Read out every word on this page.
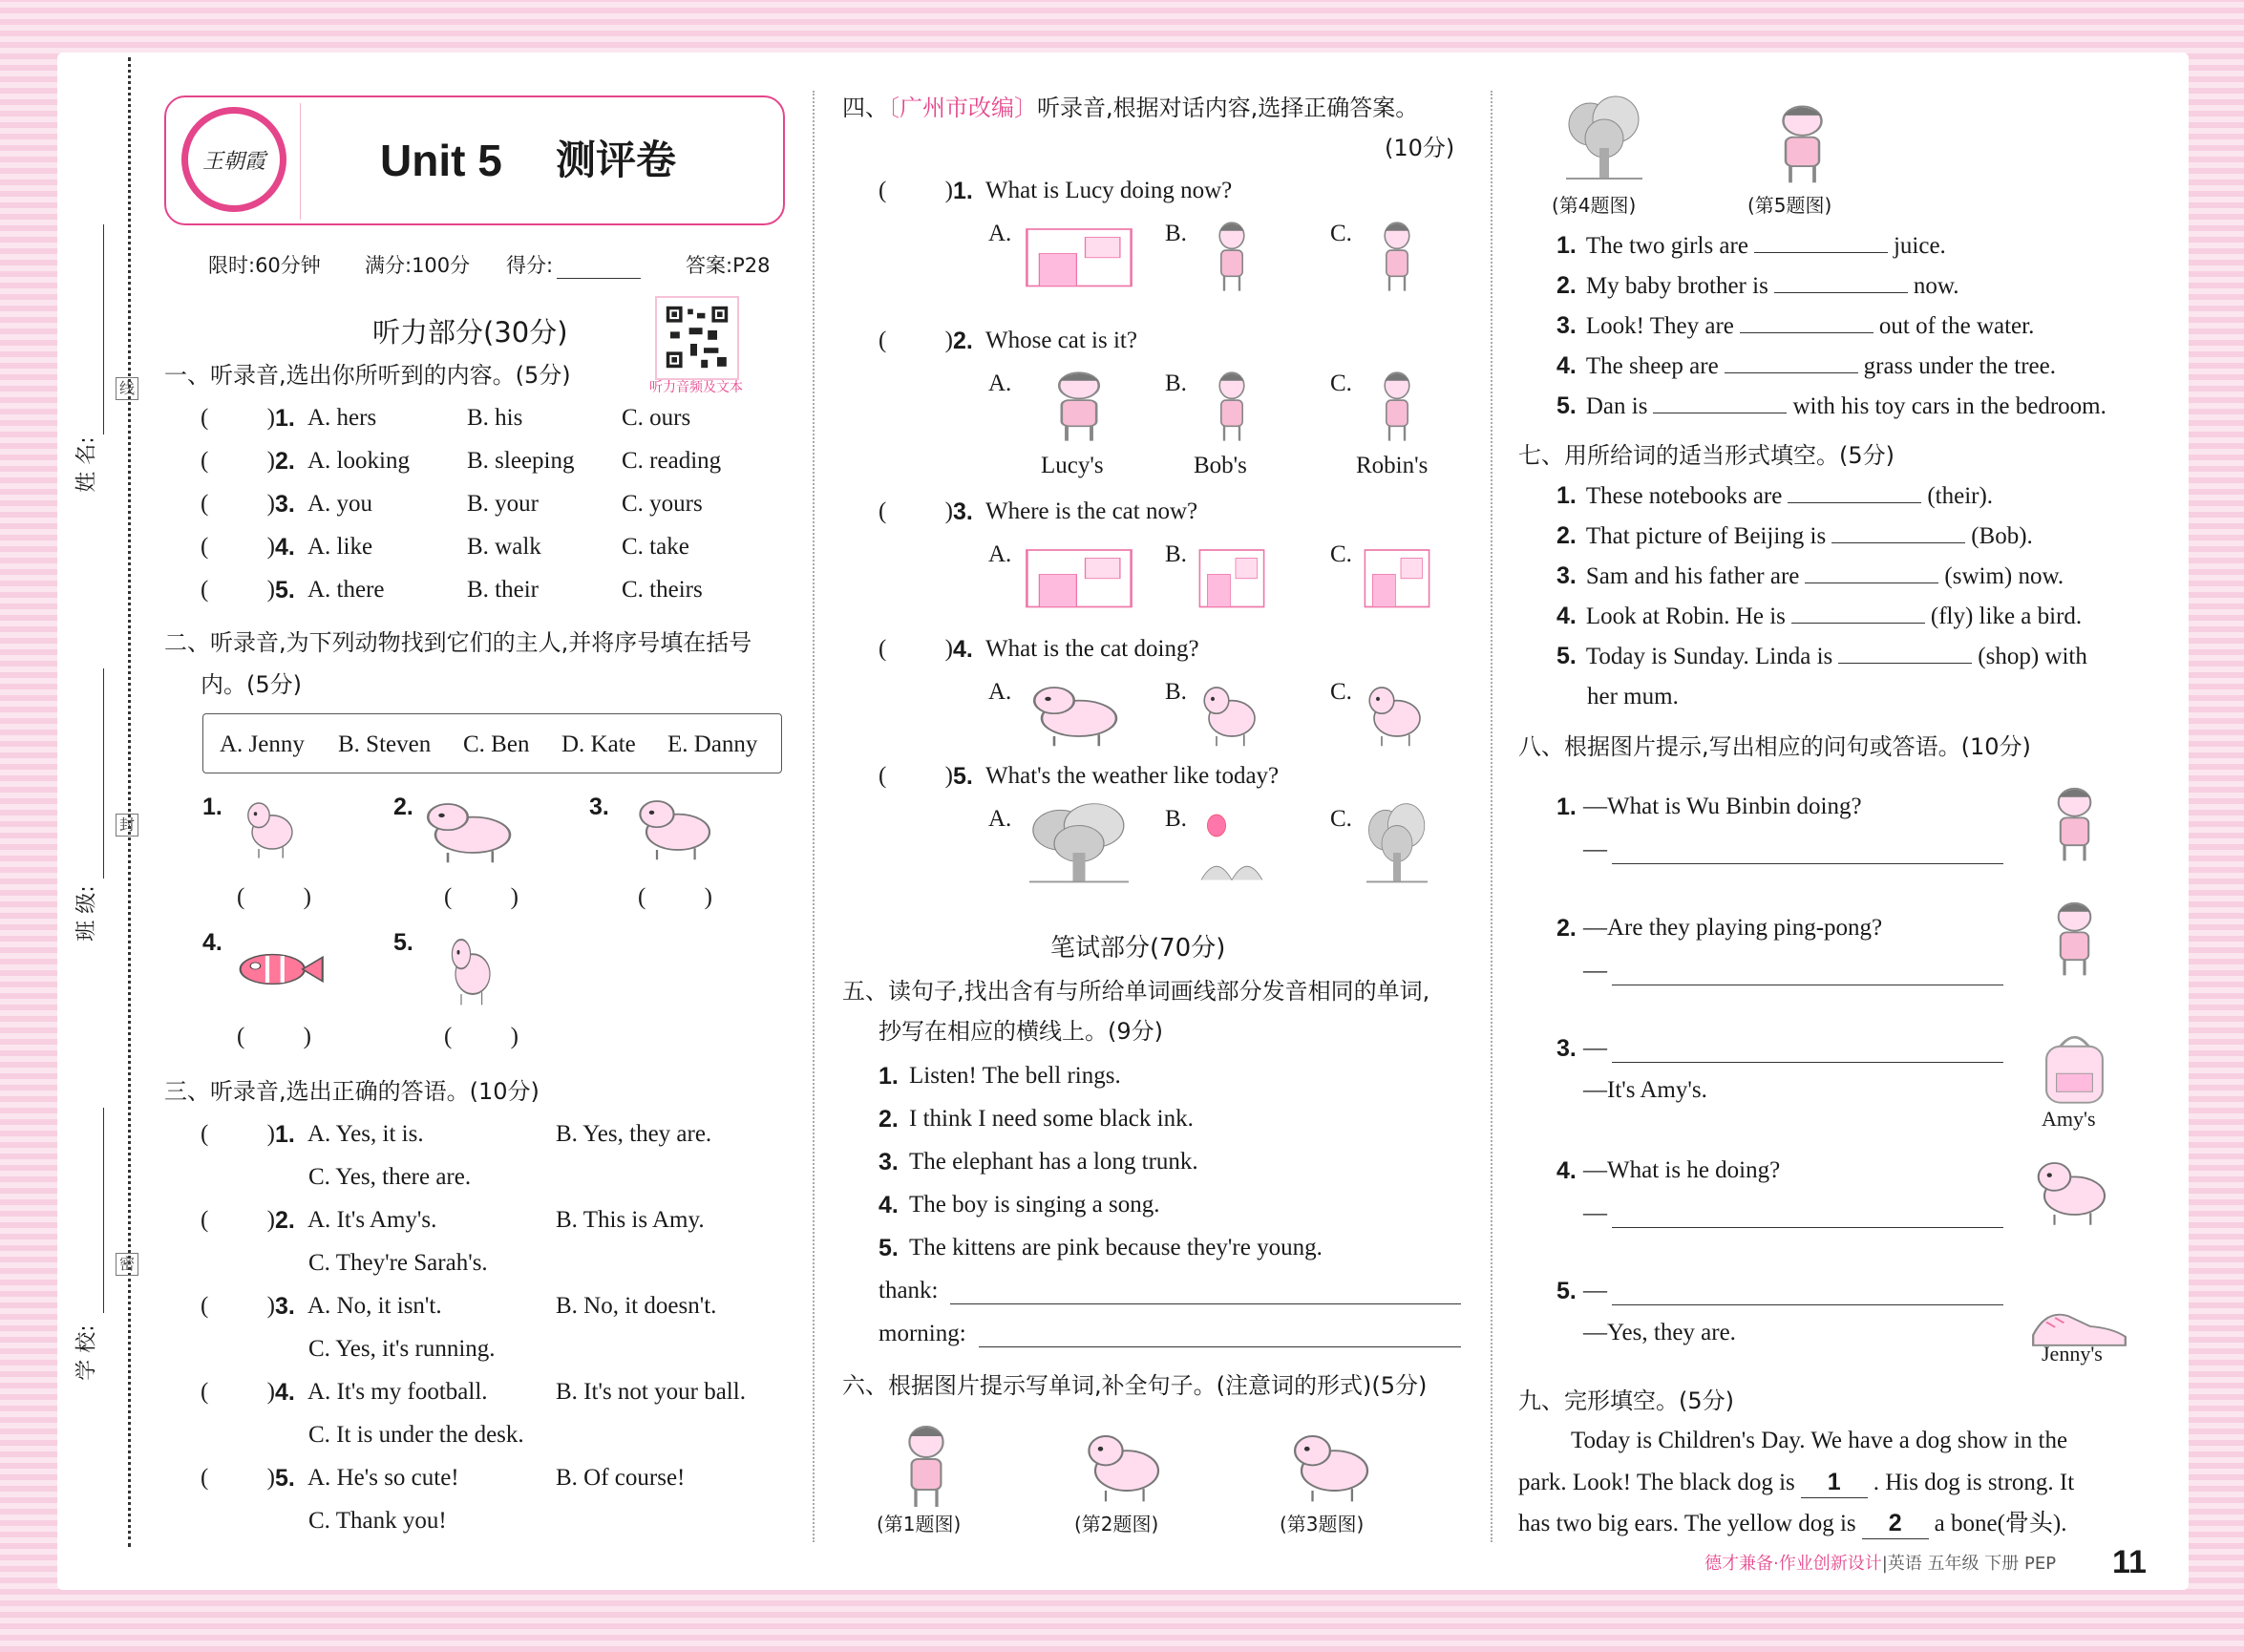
线
封
密
姓 名:
班 级:
学 校:
王朝霞	Unit 5 测评卷
限时:60分钟 满分:100分 得分:	答案:P28
听力部分(30分)
听力音频及文本
一、听录音,选出你所听到的内容。(5分)
( )
1. A. hers	B. his	C. ours
( )
2. A. looking B. sleeping C. reading
( )
3. A. you	B. your	C. yours
( )
4. A. like	B. walk	C. take
( )
5. A. there	B. their	C. theirs
二、听录音,为下列动物找到它们的主人,并将序号填在括号
内。(5分)
A. Jenny B. Steven C. Ben D. Kate E. Danny
1.
( )	2.
( )	3.
( )
4.
( )	5.
( )
三、听录音,选出正确的答语。(10分)
( )
1. A. Yes, it is.	B. Yes, they are.
C. Yes, there are.
( )
2. A. It's Amy's.	B. This is Amy.
C. They're Sarah's.
( )
3. A. No, it isn't.	B. No, it doesn't.
C. Yes, it's running.
( )
4. A. It's my football.	B. It's not your ball.
C. It is under the desk.
( )
5. A. He's so cute!	B. Of course!
C. Thank you!
四、〔广州市改编〕听录音,根据对话内容,选择正确答案。
(10分)
( )
1. What is Lucy doing now?
A.	B.	C.
( )
2. Whose cat is it?
A.	B.	C.
Lucy's	Bob's	Robin's
( )
3. Where is the cat now?
A.	B.	C.
( )
4. What is the cat doing?
A.	B.	C.
( )
5. What's the weather like today?
A.	B.	C.
笔试部分(70分)
五、读句子,找出含有与所给单词画线部分发音相同的单词,
抄写在相应的横线上。(9分)
1. Listen! The bell rings.
2. I think I need some black ink.
3. The elephant has a long trunk.
4. The boy is singing a song.
5. The kittens are pink because they're young.
thank:
morning:
六、根据图片提示写单词,补全句子。(注意词的形式)(5分)
(第1题图)	(第2题图)	(第3题图)
(第4题图)	(第5题图)
1. The two girls are	juice.
2. My baby brother is	now.
3. Look! They are	out of the water.
4. The sheep are	grass under the tree.
5. Dan is	with his toy cars in the bedroom.
七、用所给词的适当形式填空。(5分)
1. These notebooks are	(their).
2. That picture of Beijing is	(Bob).
3. Sam and his father are	(swim) now.
4. Look at Robin. He is	(fly) like a bird.
5. Today is Sunday. Linda is	(shop) with
her mum.
八、根据图片提示,写出相应的问句或答语。(10分)
1. —What is Wu Binbin doing?
—
2. —Are they playing ping-pong?
—
3. —
—It's Amy's.
Amy's
4. —What is he doing?
—
5. —
—Yes, they are.
Jenny's
九、完形填空。(5分)
Today is Children's Day. We have a dog show in the
park. Look! The black dog is 1 . His dog is strong. It
has two big ears. The yellow dog is 2 a bone(骨头).
德才兼备·作业创新设计|英语 五年级 下册 PEP 11
